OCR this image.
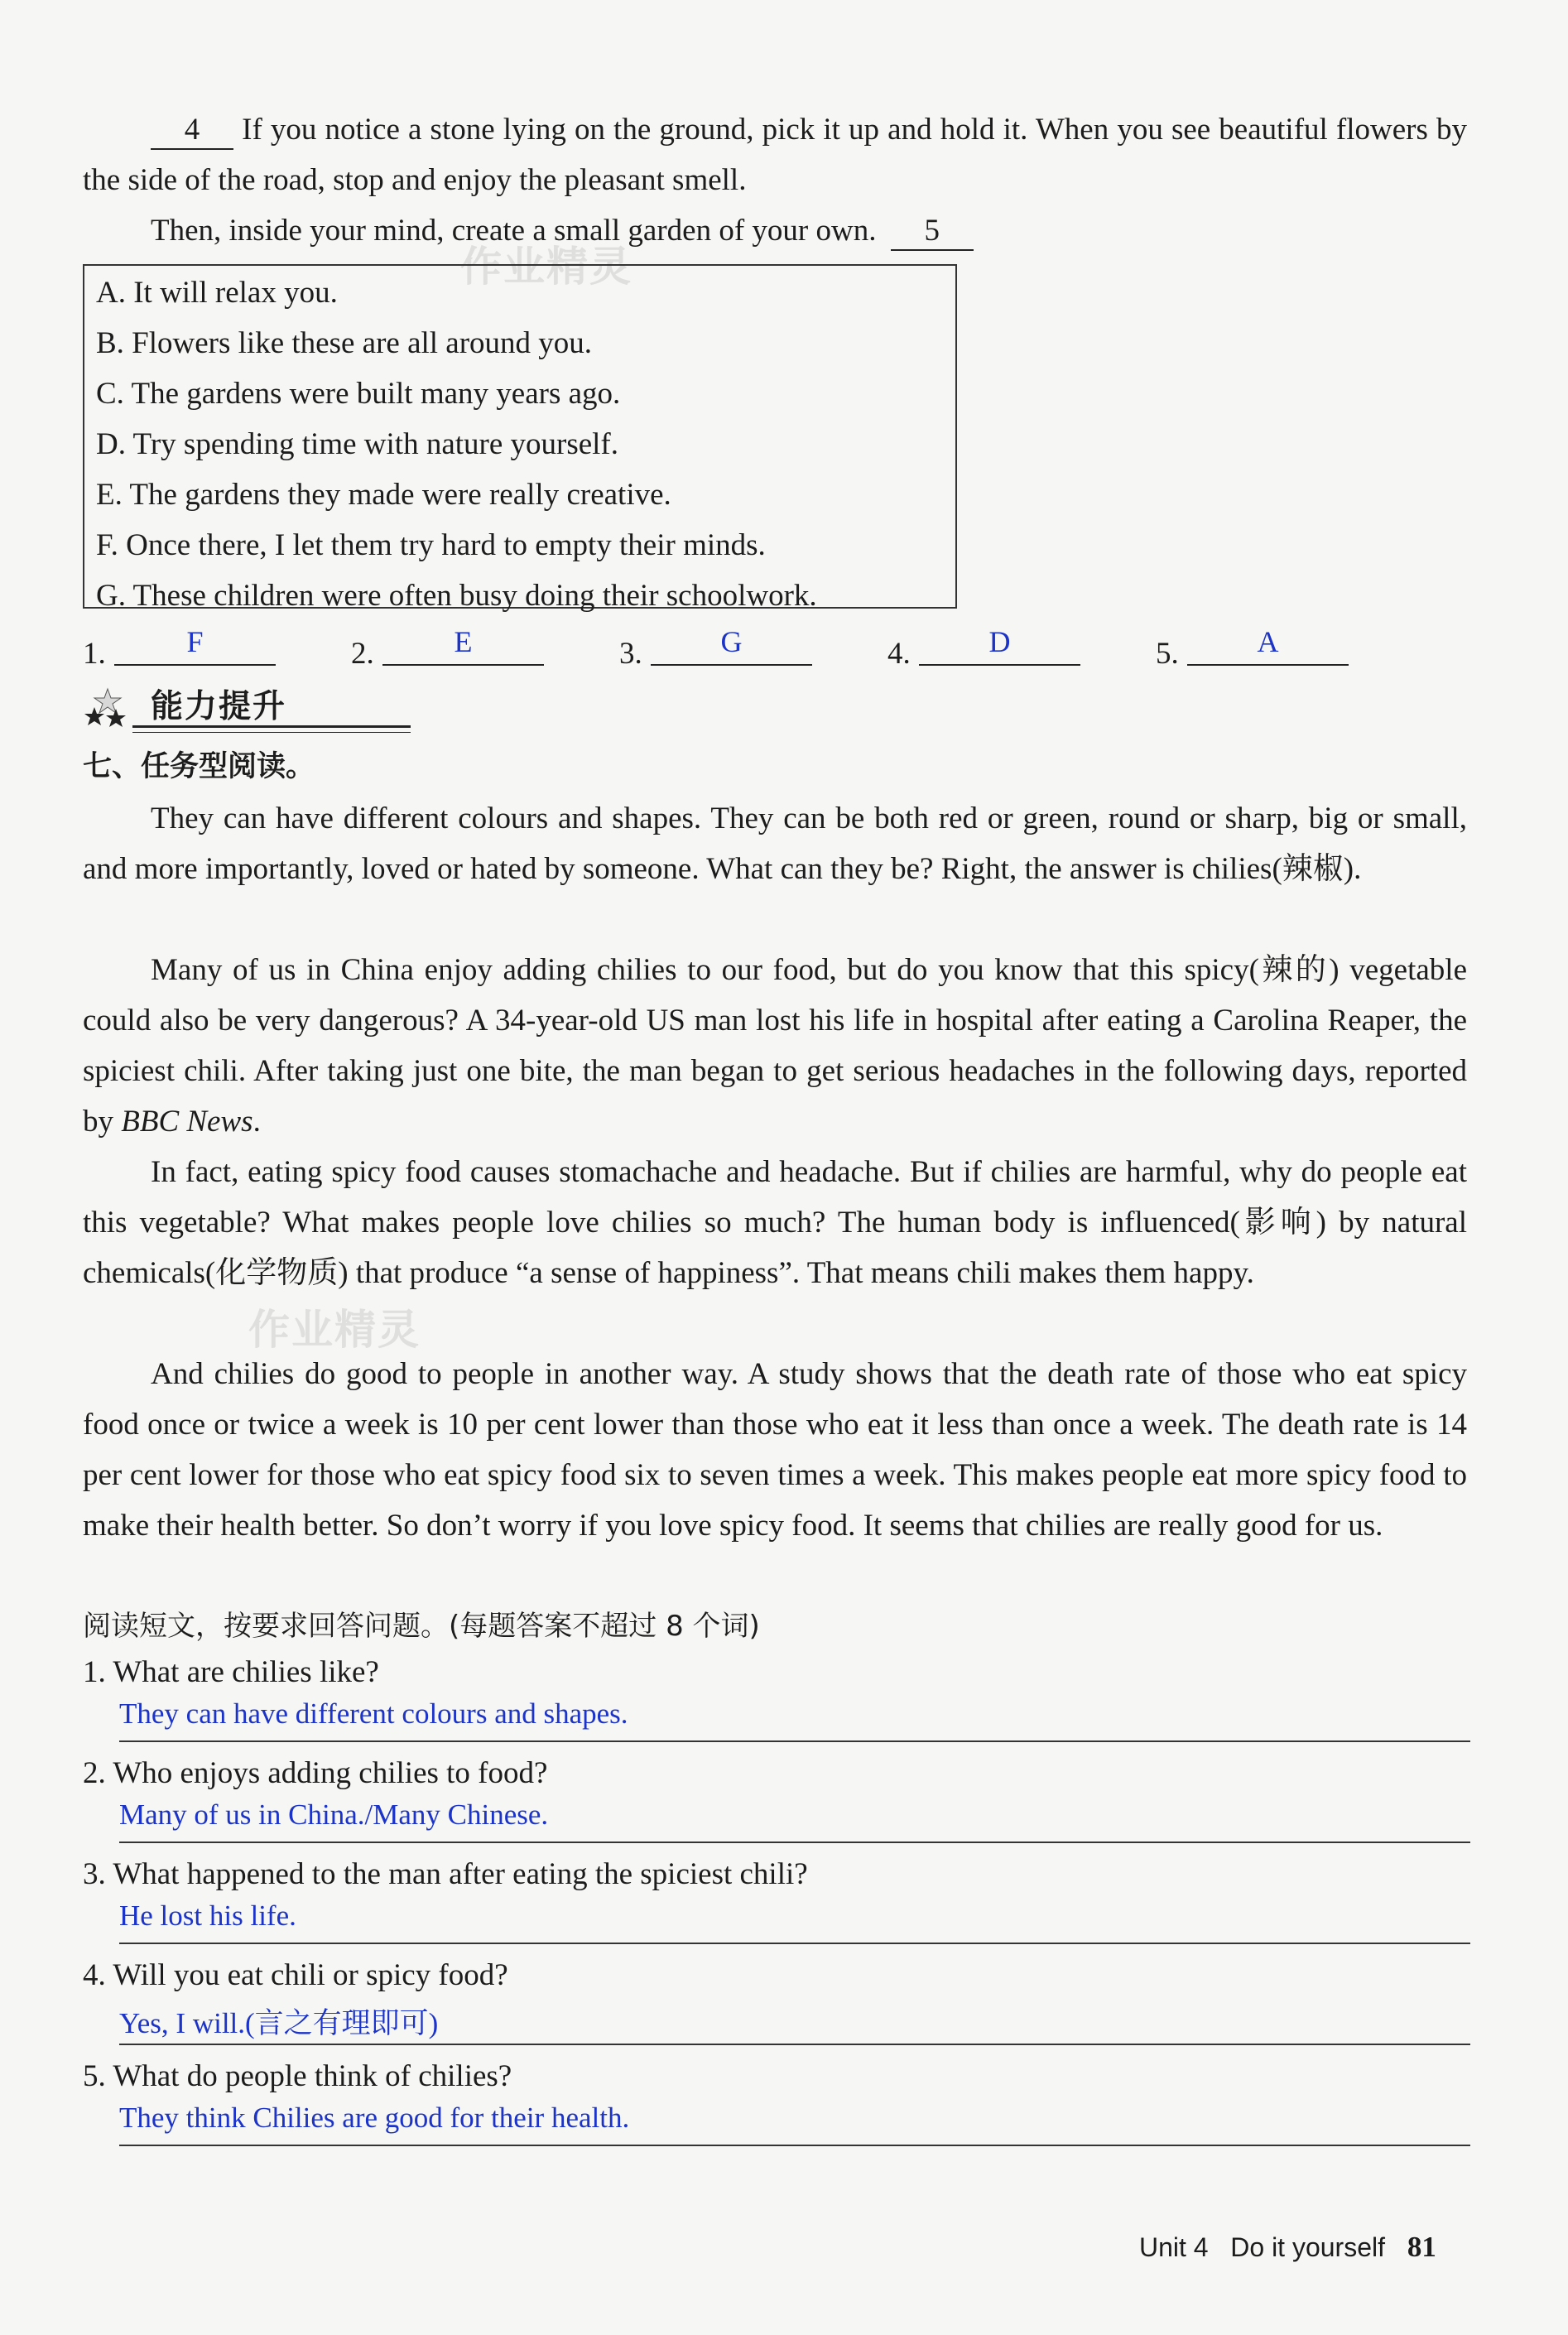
4 If you notice a stone lying on the ground, pick it up and hold it. When you see beautiful flowers by the side of the road, stop and enjoy the pleasant smell.

Then, inside your mind, create a small garden of your own. 5

作业精灵
A. It will relax you.
B. Flowers like these are all around you.
C. The gardens were built many years ago.
D. Try spending time with nature yourself.
E. The gardens they made were really creative.
F. Once there, I let them try hard to empty their minds.
G. These children were often busy doing their schoolwork.
1.	F	2.	E	3.	G	4.	D	5.	A
能力提升
七、任务型阅读。

They can have different colours and shapes. They can be both red or green, round or sharp, big or small, and more importantly, loved or hated by someone. What can they be? Right, the answer is chilies(辣椒).

Many of us in China enjoy adding chilies to our food, but do you know that this spicy(辣的) vegetable could also be very dangerous? A 34-year-old US man lost his life in hospital after eating a Carolina Reaper, the spiciest chili. After taking just one bite, the man began to get serious headaches in the following days, reported by BBC News.

In fact, eating spicy food causes stomachache and headache. But if chilies are harmful, why do people eat this vegetable? What makes people love chilies so much? The human body is influenced(影响) by natural chemicals(化学物质) that produce “a sense of happiness”. That means chili makes them happy.

And chilies do good to people in another way. A study shows that the death rate of those who eat spicy food once or twice a week is 10 per cent lower than those who eat it less than once a week. The death rate is 14 per cent lower for those who eat spicy food six to seven times a week. This makes people eat more spicy food to make their health better. So don’t worry if you love spicy food. It seems that chilies are really good for us.

作业精灵
阅读短文，按要求回答问题。(每题答案不超过 8 个词)
1. What are chilies like?
They can have different colours and shapes.
2. Who enjoys adding chilies to food?
Many of us in China./Many Chinese.
3. What happened to the man after eating the spiciest chili?
He lost his life.
4. Will you eat chili or spicy food?
Yes, I will.(言之有理即可)
5. What do people think of chilies?
They think Chilies are good for their health.
Unit 4 Do it yourself 81
